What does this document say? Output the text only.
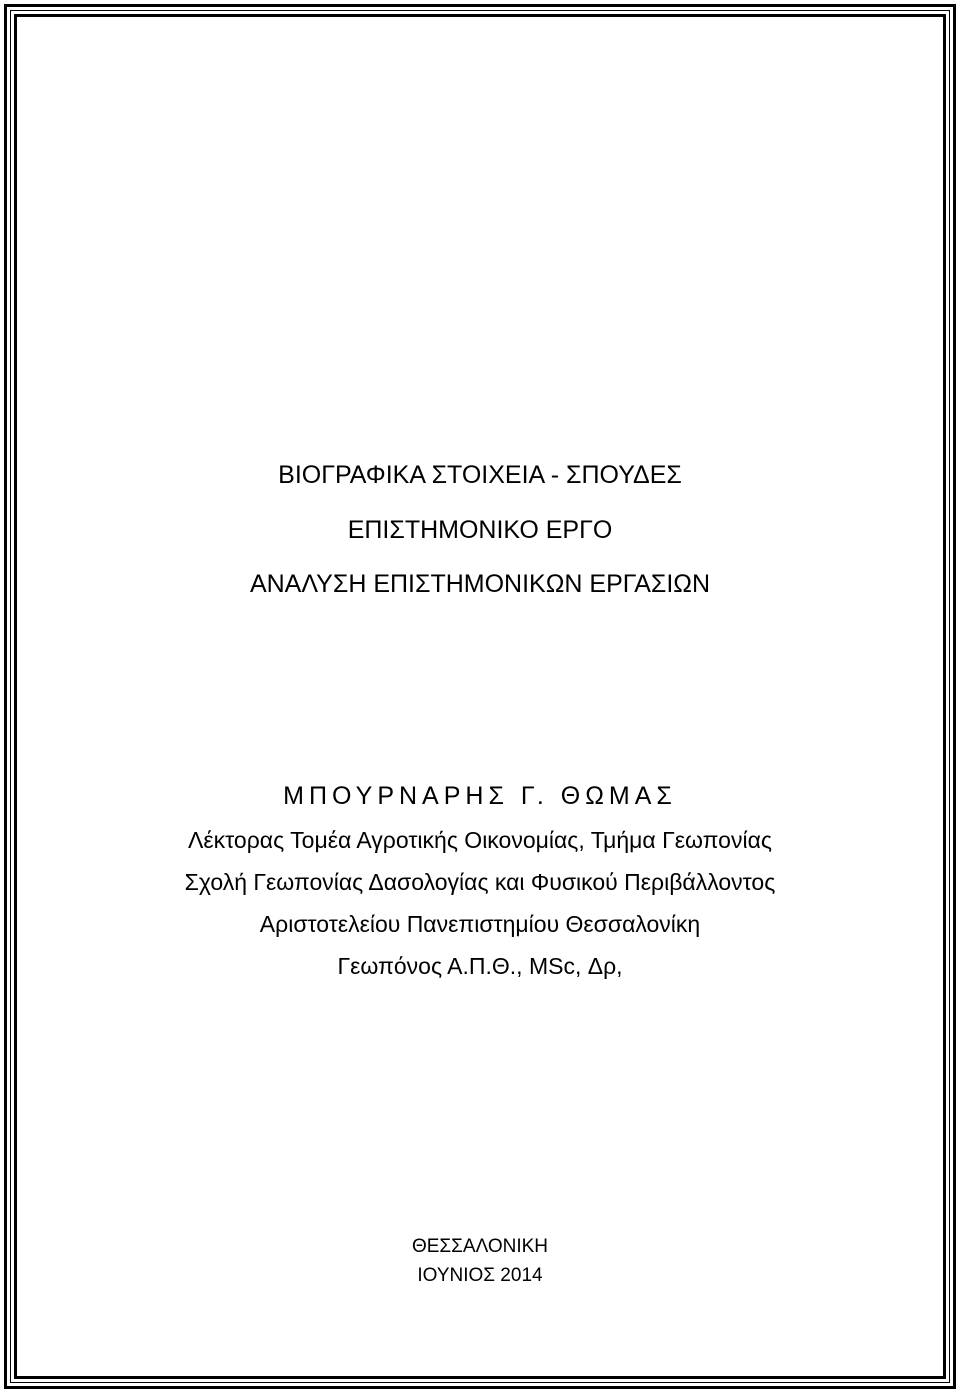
ΒΙΟΓΡΑΦΙΚΑ ΣΤΟΙΧΕΙΑ - ΣΠΟΥΔΕΣ
ΕΠΙΣΤΗΜΟΝΙΚΟ ΕΡΓΟ
ΑΝΑΛΥΣΗ ΕΠΙΣΤΗΜΟΝΙΚΩΝ ΕΡΓΑΣΙΩΝ
ΜΠΟΥΡΝΑΡΗΣ Γ. ΘΩΜΑΣ
Λέκτορας Τομέα Αγροτικής Οικονομίας, Τμήμα Γεωπονίας
Σχολή Γεωπονίας Δασολογίας και Φυσικού Περιβάλλοντος
Αριστοτελείου Πανεπιστημίου Θεσσαλονίκη
Γεωπόνος Α.Π.Θ., MSc, Δρ,
ΘΕΣΣΑΛΟΝΙΚΗ
ΙΟΥΝΙΟΣ 2014
